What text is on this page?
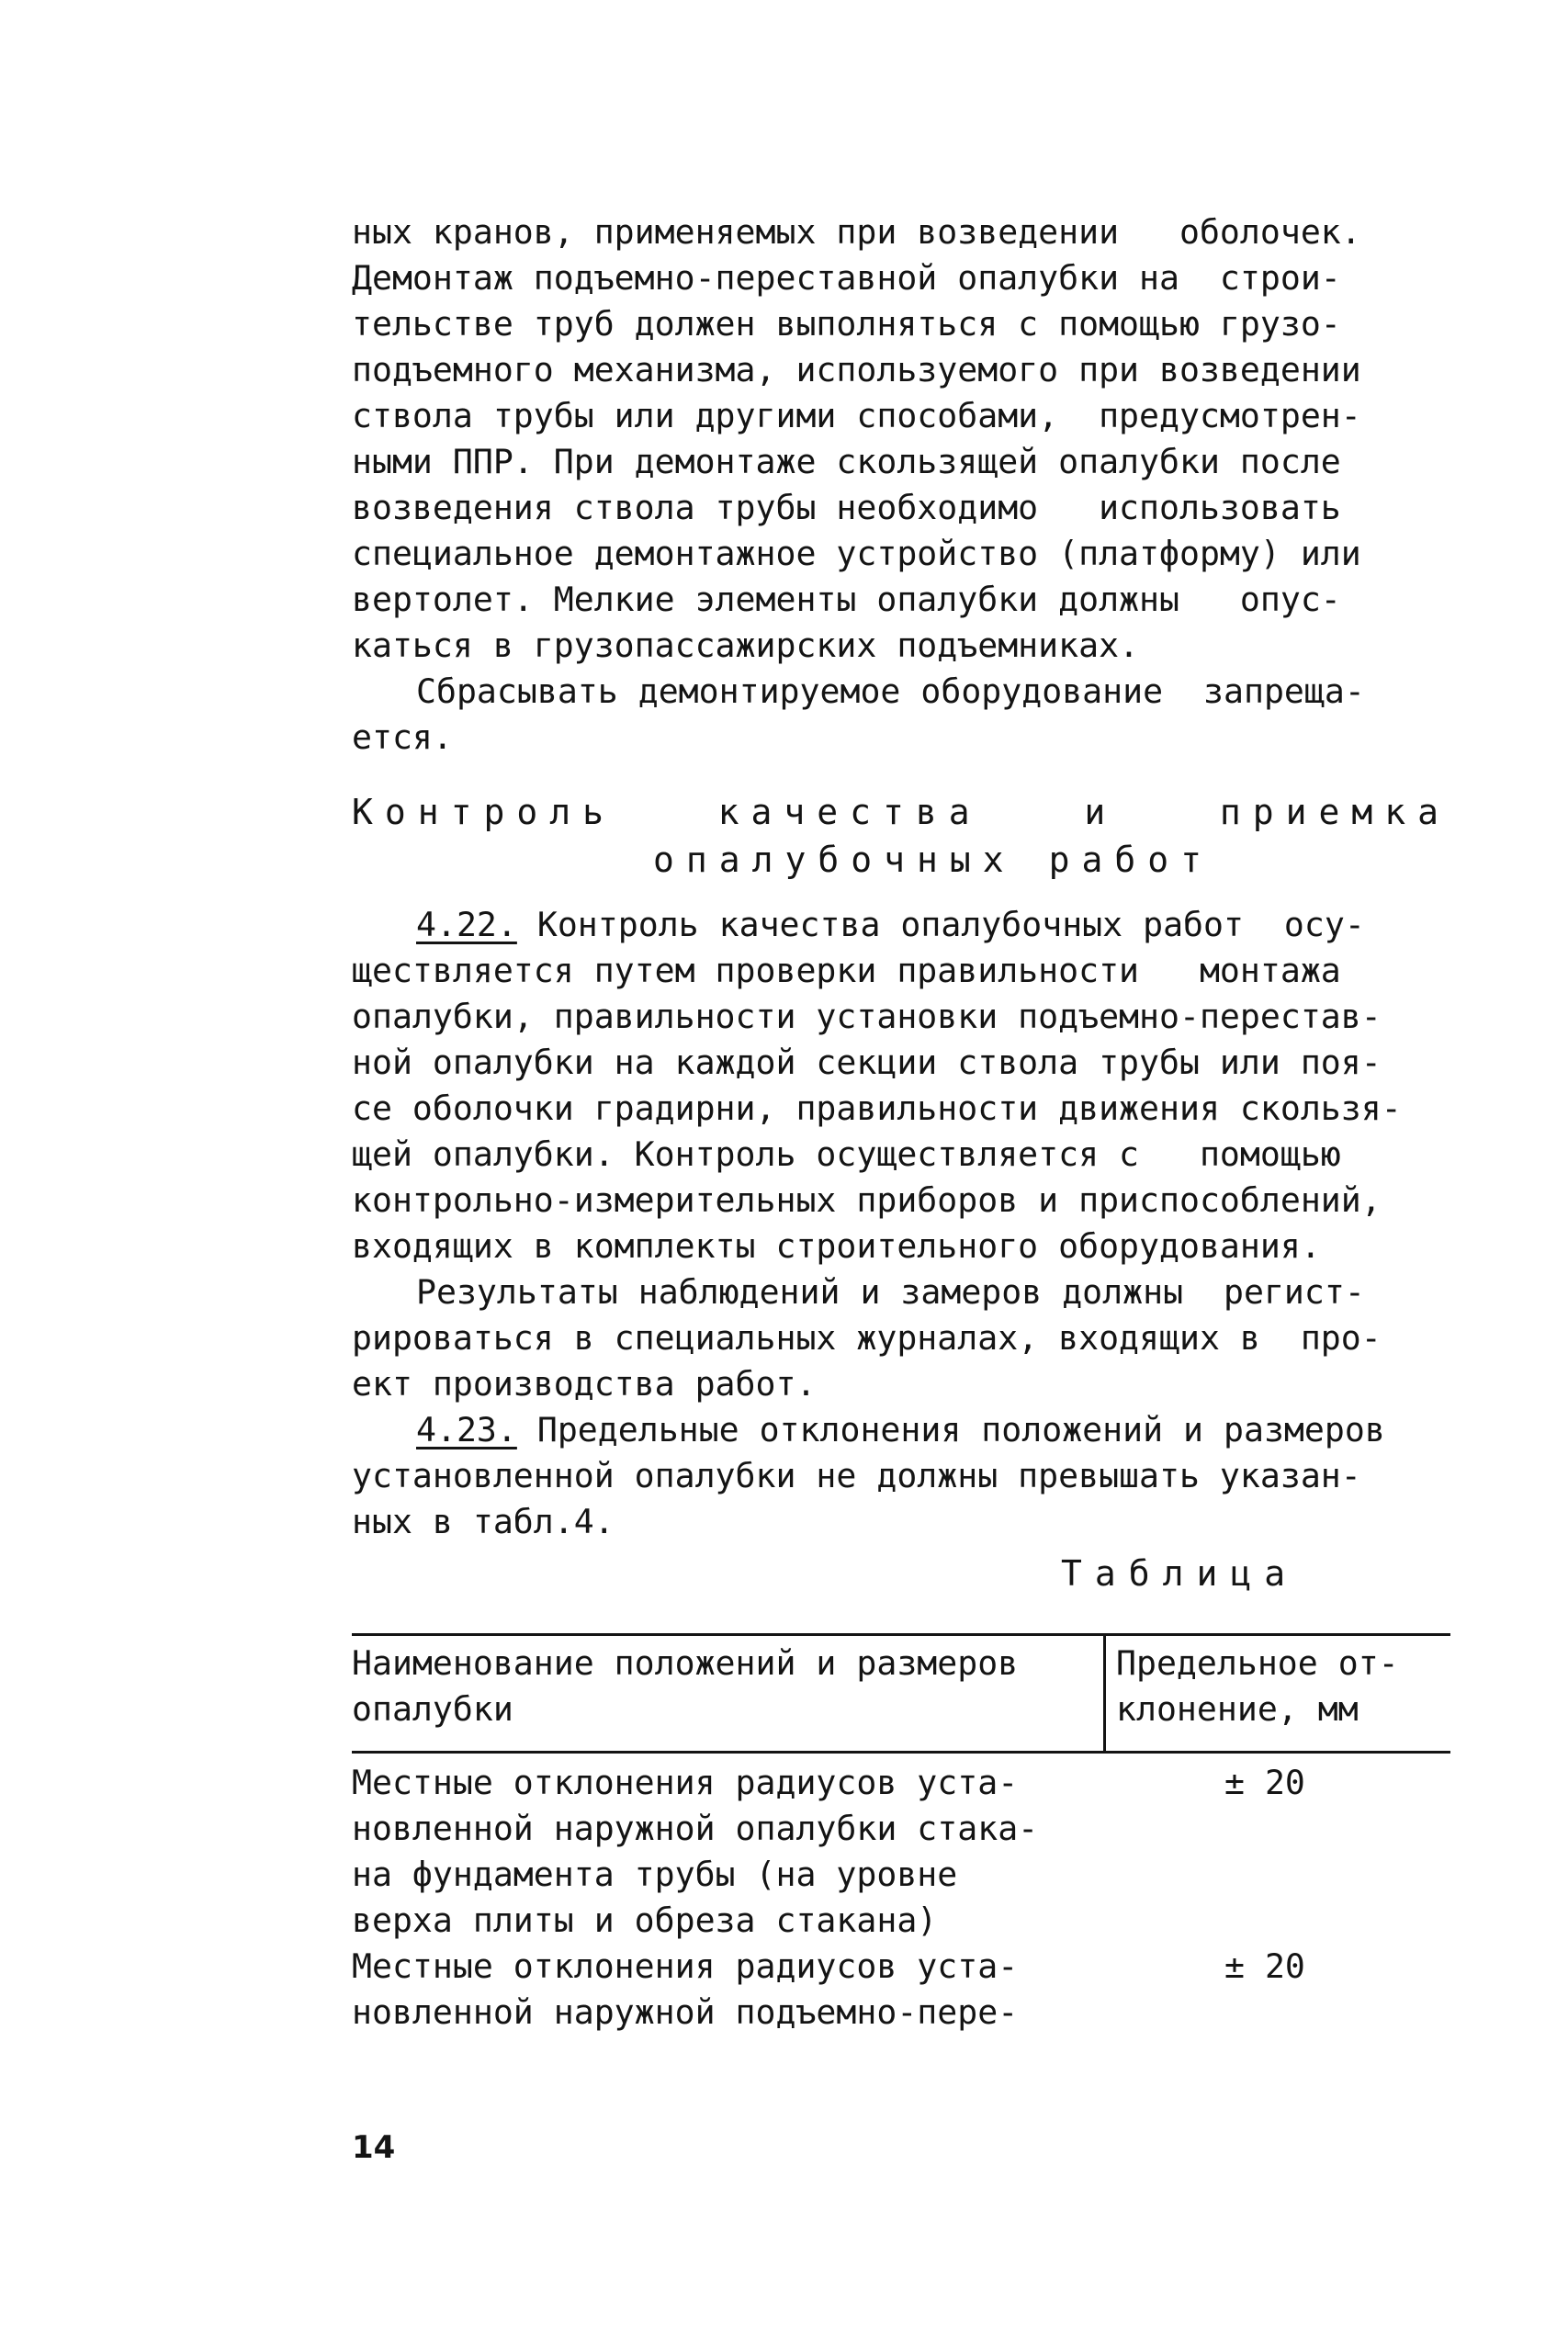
ных кранов, применяемых при возведении   оболочек.
Демонтаж подъемно-переставной опалубки на  строи-
тельстве труб должен выполняться с помощью грузо-
подъемного механизма, используемого при возведении
ствола трубы или другими способами,  предусмотрен-
ными ППР. При демонтаже скользящей опалубки после
возведения ствола трубы необходимо   использовать
специальное демонтажное устройство (платформу) или
вертолет. Мелкие элементы опалубки должны   опус-
каться в грузопассажирских подъемниках.
Сбрасывать демонтируемое оборудование  запреща-
ется.
Контроль качества и приемка
опалубочных работ
4.22. Контроль качества опалубочных работ  осу-
ществляется путем проверки правильности   монтажа
опалубки, правильности установки подъемно-перестав-
ной опалубки на каждой секции ствола трубы или поя-
се оболочки градирни, правильности движения скользя-
щей опалубки. Контроль осуществляется с   помощью
контрольно-измерительных приборов и приспособлений,
входящих в комплекты строительного оборудования.
Результаты наблюдений и замеров должны  регист-
рироваться в специальных журналах, входящих в  про-
ект производства работ.
4.23. Предельные отклонения положений и размеров
установленной опалубки не должны превышать указан-
ных в табл.4.
Таблица
Наименование положений и размеров
опалубки
Предельное от-
клонение, мм
Местные отклонения радиусов уста-
новленной наружной опалубки стака-
на фундамента трубы (на уровне
верха плиты и обреза стакана)
± 20
Местные отклонения радиусов уста-
новленной наружной подъемно-пере-
± 20
14
